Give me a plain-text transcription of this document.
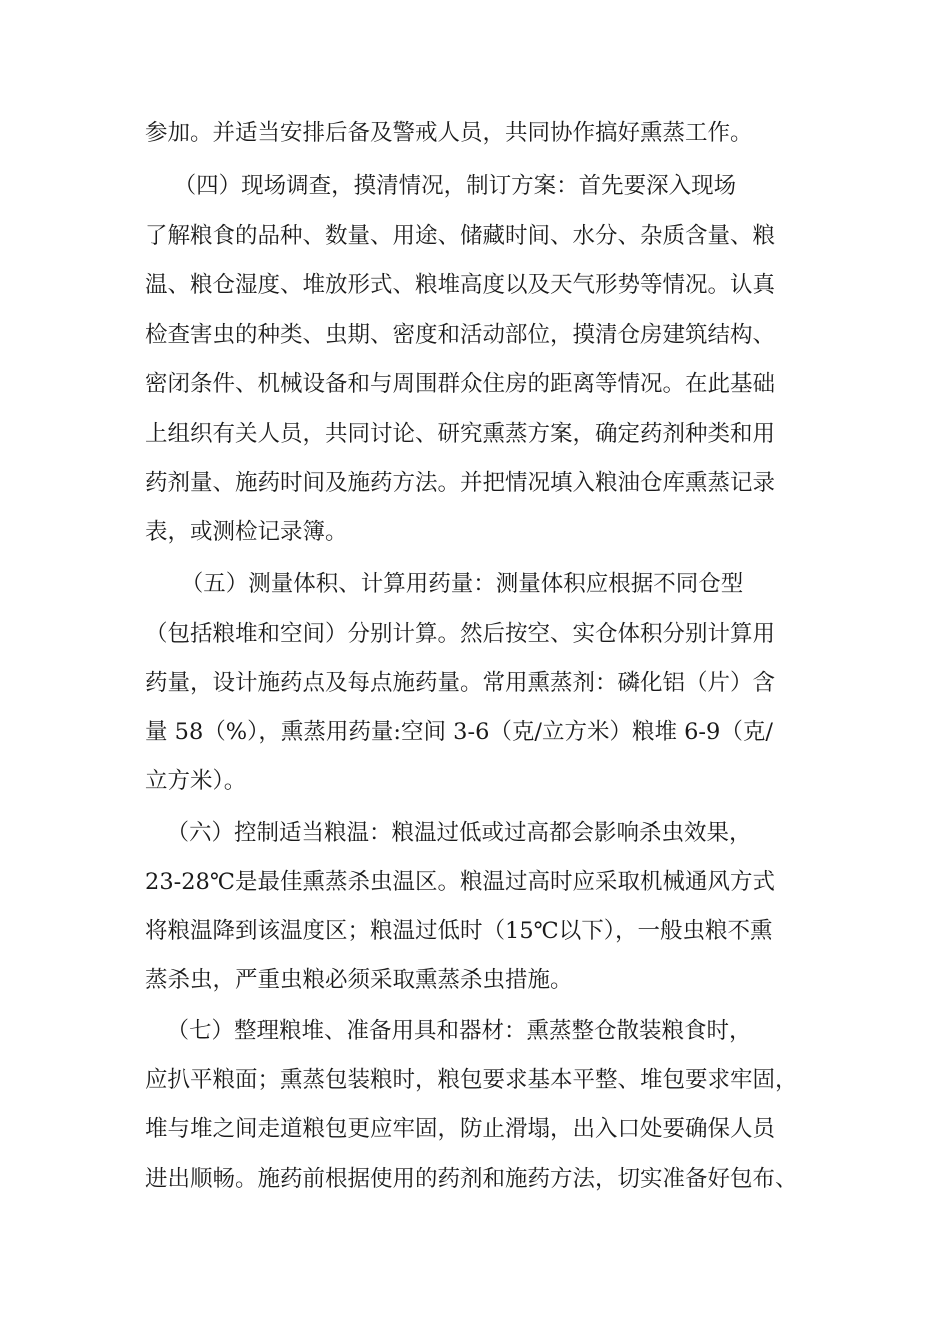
参加。并适当安排后备及警戒人员，共同协作搞好熏蒸工作。
（四）现场调查，摸清情况，制订方案：首先要深入现场
了解粮食的品种、数量、用途、储藏时间、水分、杂质含量、粮
温、粮仓湿度、堆放形式、粮堆高度以及天气形势等情况。认真
检查害虫的种类、虫期、密度和活动部位，摸清仓房建筑结构、
密闭条件、机械设备和与周围群众住房的距离等情况。在此基础
上组织有关人员，共同讨论、研究熏蒸方案，确定药剂种类和用
药剂量、施药时间及施药方法。并把情况填入粮油仓库熏蒸记录
表，或测检记录簿。
（五）测量体积、计算用药量：测量体积应根据不同仓型
（包括粮堆和空间）分别计算。然后按空、实仓体积分别计算用
药量，设计施药点及每点施药量。常用熏蒸剂：磷化铝（片）含
量 58（%），熏蒸用药量:空间 3-6（克/立方米）粮堆 6-9（克/
立方米）。
（六）控制适当粮温：粮温过低或过高都会影响杀虫效果，
23-28℃是最佳熏蒸杀虫温区。粮温过高时应采取机械通风方式
将粮温降到该温度区；粮温过低时（15℃以下），一般虫粮不熏
蒸杀虫，严重虫粮必须采取熏蒸杀虫措施。
（七）整理粮堆、准备用具和器材：熏蒸整仓散装粮食时，
应扒平粮面；熏蒸包装粮时，粮包要求基本平整、堆包要求牢固，
堆与堆之间走道粮包更应牢固，防止滑塌，出入口处要确保人员
进出顺畅。施药前根据使用的药剂和施药方法，切实准备好包布、
